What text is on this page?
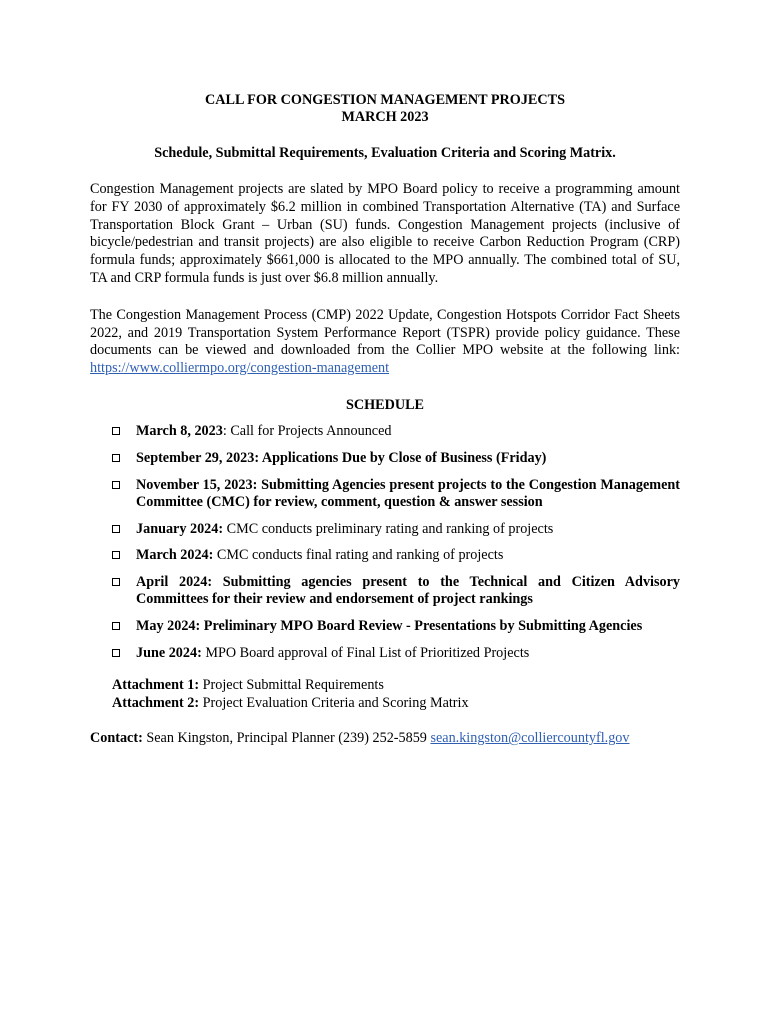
CALL FOR CONGESTION MANAGEMENT PROJECTS
MARCH 2023

Schedule, Submittal Requirements, Evaluation Criteria and Scoring Matrix.

Congestion Management projects are slated by MPO Board policy to receive a programming amount for FY 2030 of approximately $6.2 million in combined Transportation Alternative (TA) and Surface Transportation Block Grant – Urban (SU) funds. Congestion Management projects (inclusive of bicycle/pedestrian and transit projects) are also eligible to receive Carbon Reduction Program (CRP) formula funds; approximately $661,000 is allocated to the MPO annually. The combined total of SU, TA and CRP formula funds is just over $6.8 million annually.

The Congestion Management Process (CMP) 2022 Update, Congestion Hotspots Corridor Fact Sheets 2022, and 2019 Transportation System Performance Report (TSPR) provide policy guidance. These documents can be viewed and downloaded from the Collier MPO website at the following link: https://www.colliermpo.org/congestion-management

SCHEDULE

March 8, 2023: Call for Projects Announced
September 29, 2023: Applications Due by Close of Business (Friday)
November 15, 2023: Submitting Agencies present projects to the Congestion Management Committee (CMC) for review, comment, question & answer session
January 2024: CMC conducts preliminary rating and ranking of projects
March 2024: CMC conducts final rating and ranking of projects
April 2024: Submitting agencies present to the Technical and Citizen Advisory Committees for their review and endorsement of project rankings
May 2024: Preliminary MPO Board Review - Presentations by Submitting Agencies
June 2024: MPO Board approval of Final List of Prioritized Projects
Attachment 1: Project Submittal Requirements
Attachment 2: Project Evaluation Criteria and Scoring Matrix
Contact: Sean Kingston, Principal Planner (239) 252-5859 sean.kingston@colliercountyfl.gov
